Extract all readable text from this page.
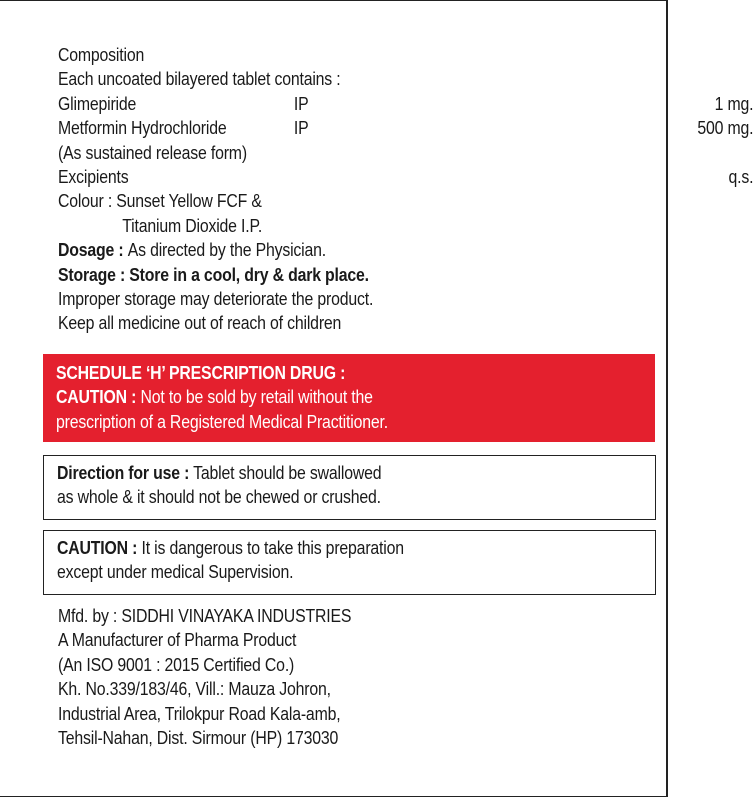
Composition
Each uncoated bilayered tablet contains :
Glimepiride	IP	1 mg.
Metformin Hydrochloride	IP	500 mg.
(As sustained release form)
Excipients	q.s.
Colour : Sunset Yellow FCF &
Titanium Dioxide I.P.
Dosage : As directed by the Physician.
Storage : Store in a cool, dry & dark place.
Improper storage may deteriorate the product.
Keep all medicine out of reach of children
SCHEDULE ‘H’ PRESCRIPTION DRUG :
CAUTION : Not to be sold by retail without the
prescription of a Registered Medical Practitioner.
Direction for use : Tablet should be swallowed
as whole & it should not be chewed or crushed.
CAUTION : It is dangerous to take this preparation
except under medical Supervision.
Mfd. by : SIDDHI VINAYAKA INDUSTRIES
A Manufacturer of Pharma Product
(An ISO 9001 : 2015 Certified Co.)
Kh. No.339/183/46, Vill.: Mauza Johron,
Industrial Area, Trilokpur Road Kala-amb,
Tehsil-Nahan, Dist. Sirmour (HP) 173030
